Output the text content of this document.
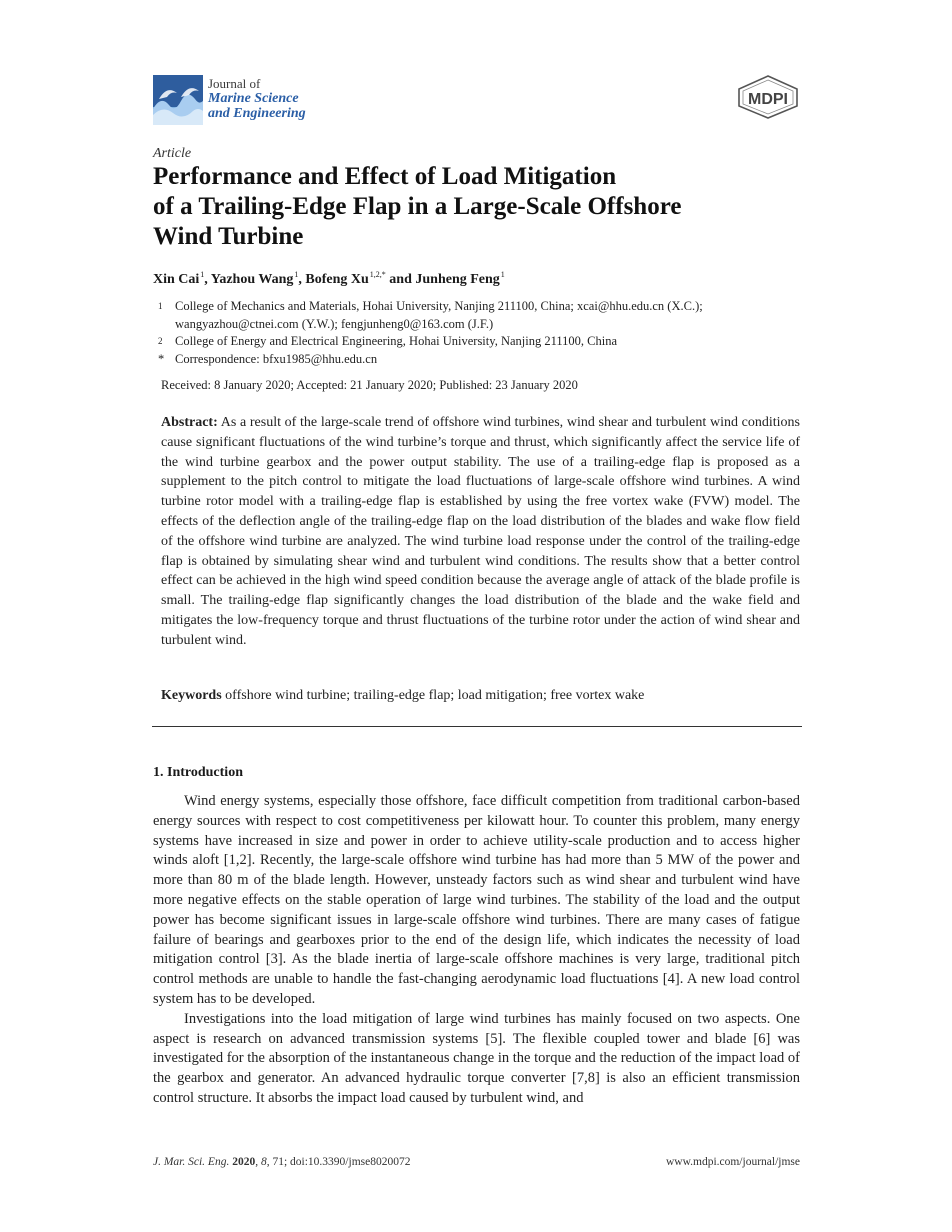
Journal of
Marine Science
and Engineering
MDPI
Article
Performance and Effect of Load Mitigation
of a Trailing-Edge Flap in a Large-Scale Offshore
Wind Turbine
Xin Cai$^1$, Yazhou Wang$^1$, Bofeng $Xu^{1,2,*}$ and Junheng Feng$^1$
1 College of Mechanics and Materials, Hohai University, Nanjing 211100, China; xcai@hhu.edu.cn (X.C.);
wangyazhou@ctnei.com (Y.W.); fengjunheng0@163.com (J.F.)
2 College of Energy and Electrical Engineering, Hohai University, Nanjing 211100, China
* Correspondence: bfxu1985@hhu.edu.cn
Received: 8 January 2020; Accepted: 21 January 2020; Published: 23 January 2020
Abstract: As a result of the large-scale trend of offshore wind turbines, wind shear and turbulent wind conditions cause significant fluctuations of the wind turbine’s torque and thrust, which significantly affect the service life of the wind turbine gearbox and the power output stability. The use of a trailing-edge flap is proposed as a supplement to the pitch control to mitigate the load fluctuations of large-scale offshore wind turbines. A wind turbine rotor model with a trailing-edge flap is established by using the free vortex wake (FVW) model. The effects of the deflection angle of the trailing-edge flap on the load distribution of the blades and wake flow field of the offshore wind turbine are analyzed. The wind turbine load response under the control of the trailing-edge flap is obtained by simulating shear wind and turbulent wind conditions. The results show that a better control effect can be achieved in the high wind speed condition because the average angle of attack of the blade profile is small. The trailing-edge flap significantly changes the load distribution of the blade and the wake field and mitigates the low-frequency torque and thrust fluctuations of the turbine rotor under the action of wind shear and turbulent wind.
Keywords offshore wind turbine; trailing-edge flap; load mitigation; free vortex wake
1. Introduction

Wind energy systems, especially those offshore, face difficult competition from traditional carbon-based energy sources with respect to cost competitiveness per kilowatt hour. To counter this problem, many energy systems have increased in size and power in order to achieve utility-scale production and to access higher winds aloft [1,2]. Recently, the large-scale offshore wind turbine has had more than 5 MW of the power and more than 80 m of the blade length. However, unsteady factors such as wind shear and turbulent wind have more negative effects on the stable operation of large wind turbines. The stability of the load and the output power has become significant issues in large-scale offshore wind turbines. There are many cases of fatigue failure of bearings and gearboxes prior to the end of the design life, which indicates the necessity of load mitigation control [3]. As the blade inertia of large-scale offshore machines is very large, traditional pitch control methods are unable to handle the fast-changing aerodynamic load fluctuations [4]. A new load control system has to be developed.

Investigations into the load mitigation of large wind turbines has mainly focused on two aspects. One aspect is research on advanced transmission systems [5]. The flexible coupled tower and blade [6] was investigated for the absorption of the instantaneous change in the torque and the reduction of the impact load of the gearbox and generator. An advanced hydraulic torque converter [7,8] is also an efficient transmission control structure. It absorbs the impact load caused by turbulent wind, and

J. Mar. Sci. Eng. 2020, 8, 71; doi:10.3390/jmse8020072	www.mdpi.com/journal/jmse
